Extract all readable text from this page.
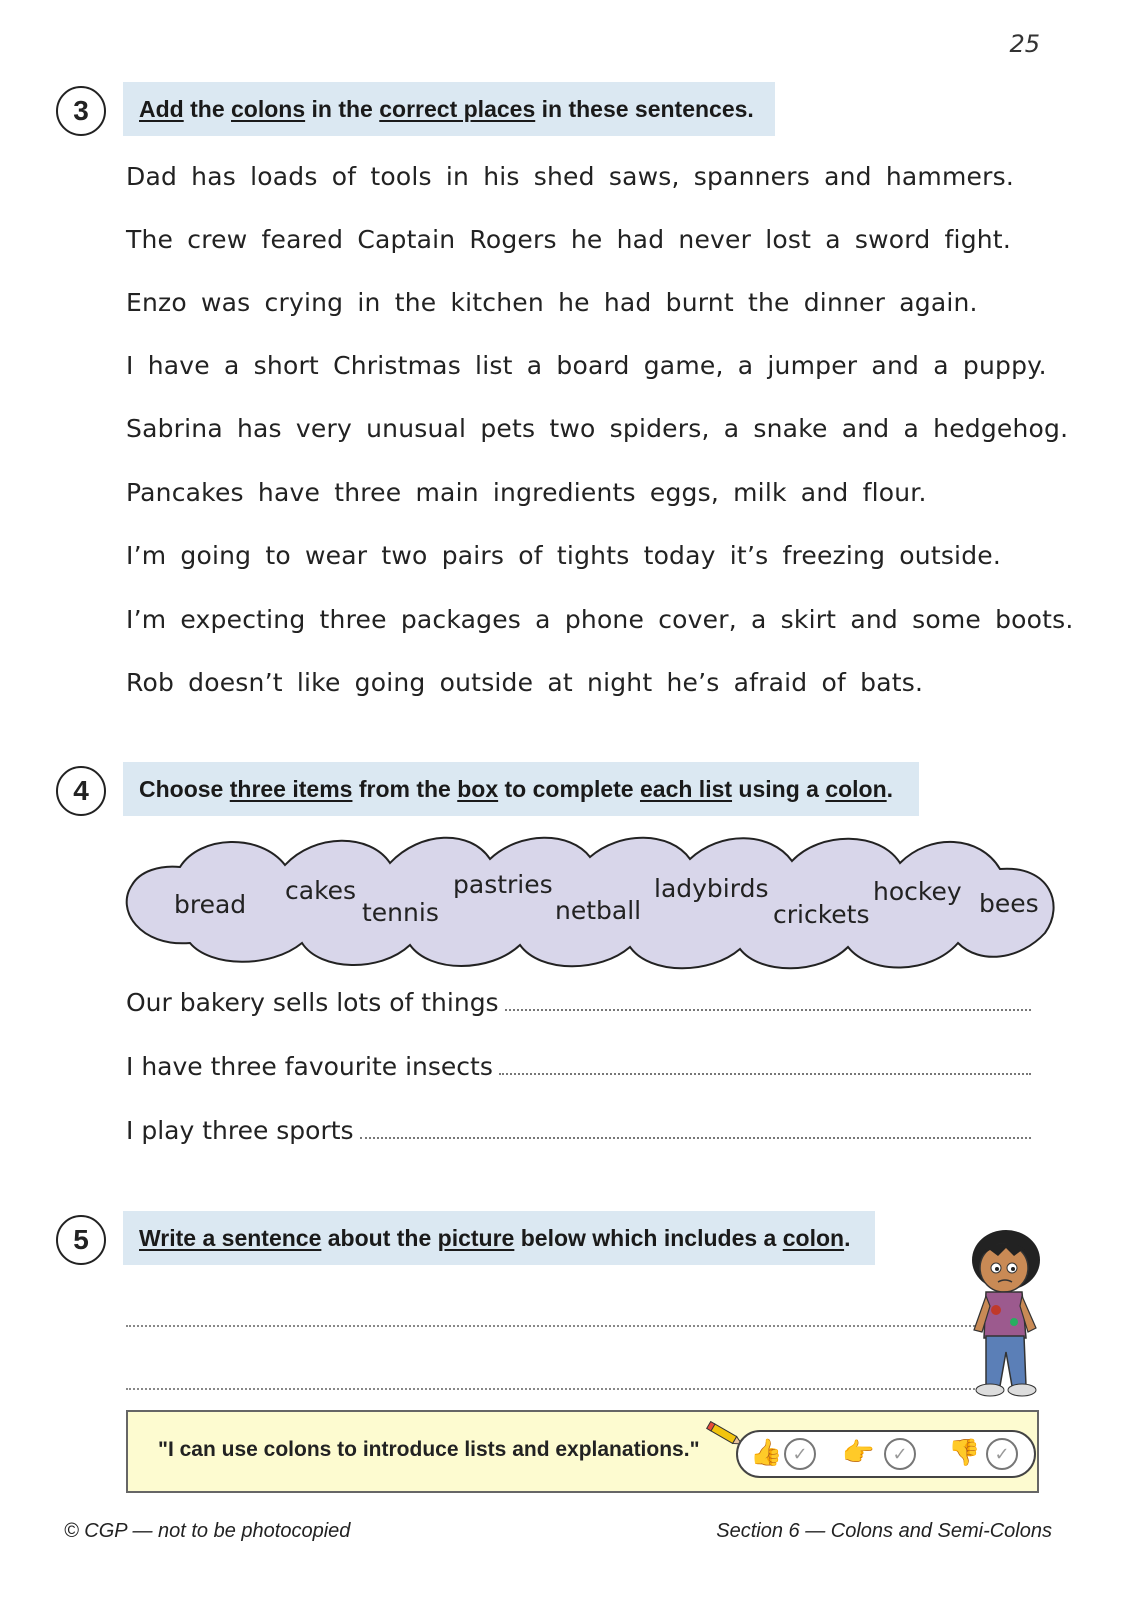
25
3	Add the colons in the correct places in these sentences.
Dad has loads of tools in his shed saws, spanners and hammers.
The crew feared Captain Rogers he had never lost a sword fight.
Enzo was crying in the kitchen he had burnt the dinner again.
I have a short Christmas list a board game, a jumper and a puppy.
Sabrina has very unusual pets two spiders, a snake and a hedgehog.
Pancakes have three main ingredients eggs, milk and flour.
I’m going to wear two pairs of tights today it’s freezing outside.
I’m expecting three packages a phone cover, a skirt and some boots.
Rob doesn’t like going outside at night he’s afraid of bats.
4	Choose three items from the box to complete each list using a colon .
bread cakes
tennis
pastries
netball
ladybirds
crickets
hockey bees
Our bakery sells lots of things
I have three favourite insects
I play three sports
5	Write a sentence about the picture below which includes a colon .
"I can use colons to introduce lists and explanations." 👍 ✓	👉	✓	👎 ✓
© CGP — not to be photocopied	Section 6 — Colons and Semi-Colons
